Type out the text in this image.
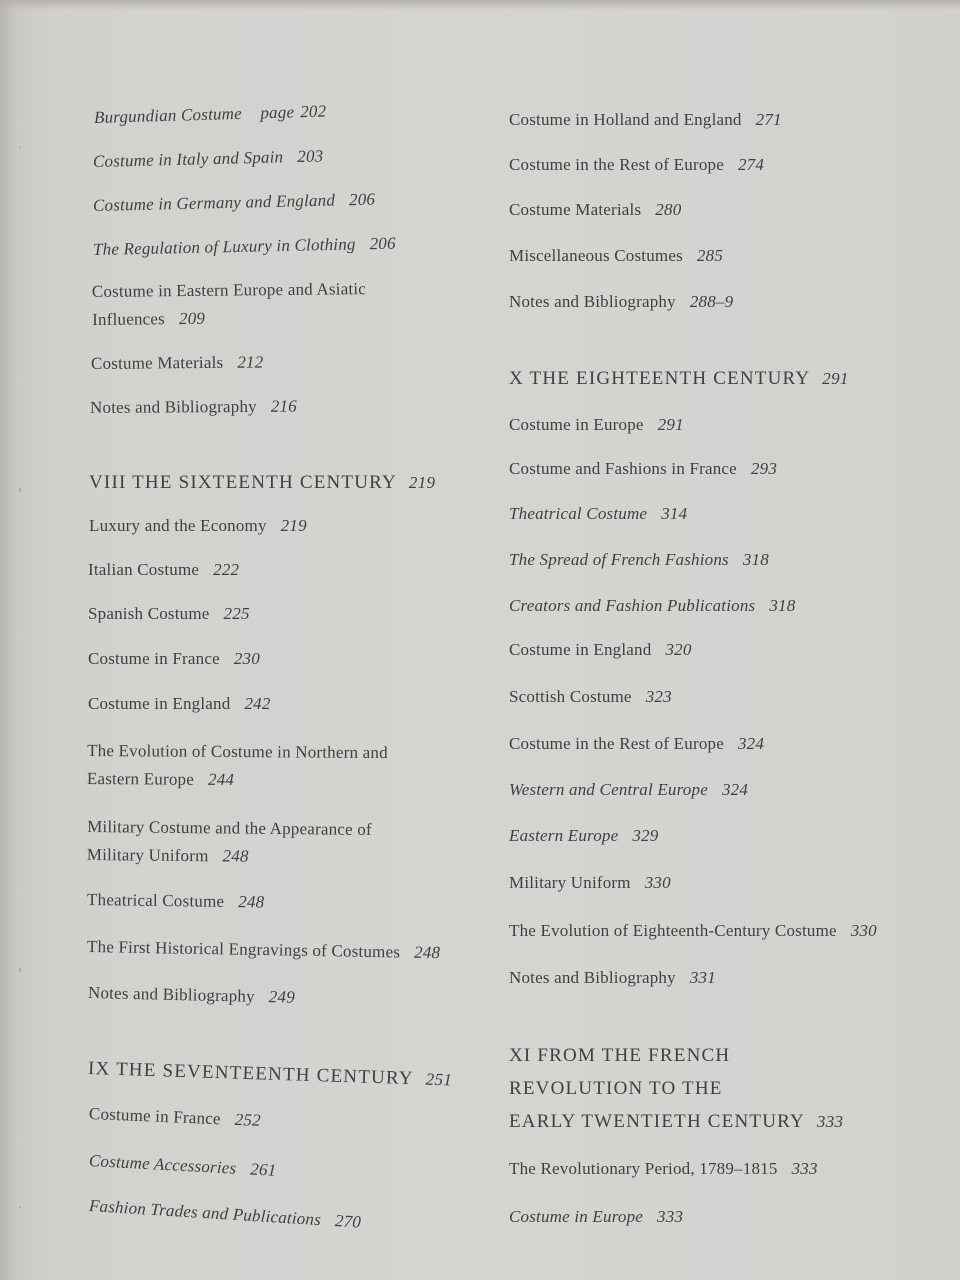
·
›
›
·
Burgundian Costume page 202
Costume in Italy and Spain 203
Costume in Germany and England 206
The Regulation of Luxury in Clothing 206
Costume in Eastern Europe and Asiatic
Influences 209
Costume Materials 212
Notes and Bibliography 216
VIII THE SIXTEENTH CENTURY 219
Luxury and the Economy 219
Italian Costume 222
Spanish Costume 225
Costume in France 230
Costume in England 242
The Evolution of Costume in Northern and
Eastern Europe 244
Military Costume and the Appearance of
Military Uniform 248
Theatrical Costume 248
The First Historical Engravings of Costumes 248
Notes and Bibliography 249
IX THE SEVENTEENTH CENTURY 251
Costume in France 252
Costume Accessories 261
Fashion Trades and Publications 270
Costume in Holland and England 271
Costume in the Rest of Europe 274
Costume Materials 280
Miscellaneous Costumes 285
Notes and Bibliography 288–9
X THE EIGHTEENTH CENTURY 291
Costume in Europe 291
Costume and Fashions in France 293
Theatrical Costume 314
The Spread of French Fashions 318
Creators and Fashion Publications 318
Costume in England 320
Scottish Costume 323
Costume in the Rest of Europe 324
Western and Central Europe 324
Eastern Europe 329
Military Uniform 330
The Evolution of Eighteenth-Century Costume 330
Notes and Bibliography 331
XI FROM THE FRENCH
REVOLUTION TO THE
EARLY TWENTIETH CENTURY 333
The Revolutionary Period, 1789–1815 333
Costume in Europe 333
